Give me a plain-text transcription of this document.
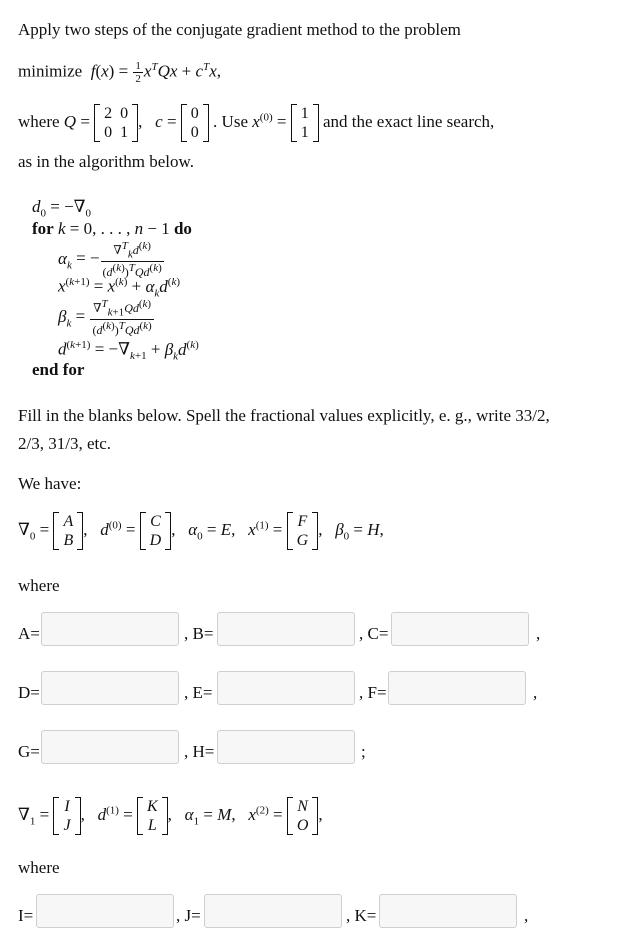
Apply two steps of the conjugate gradient method to the problem
minimize $f(x) = \frac{1}{2} x^TQx + c^Tx$,
where Q = 2	0
0	1
,   c = 0
0
. Use $x^{(0)} = 1$
1
and the exact line search,
as in the algorithm below.
$d_0 = -\nabla_0$
for k = 0, . . . , n − 1 do
$\alpha_k$ = − $\frac{\nabla^T_kd^{(k)}}{(d^{(k)})^TQd^{(k)}}$
$x^{(k+1)} = x^{(k)} + \alpha_kd^{(k)}$
$\beta_k = \frac{\nabla^T_{k+1}Qd^{(k)}}{(d^{(k)})^TQd^{(k)}}$
$d^{(k+1)} = -\nabla_{k+1} + \beta_kd^{(k)}$
end for
Fill in the blanks below. Spell the fractional values explicitly, e. g., write 33/2,
2/3, 31/3, etc.
We have:
$\nabla_0 = A$
B
,   $d^{(0)} = C$
D
,   $\alpha_0 = E$,   $x^{(1)} = F$
G
,   $\beta_0 = H$,
where
A=	, B=	, C=	,
D=	, E=	, F=	,
G=	, H=	;
$\nabla_1 = I$
J
,   $d^{(1)} = K$
L
,   $\alpha_1 = M$,   $x^{(2)} = N$
O
,
where
I=	, J=	, K=	,
